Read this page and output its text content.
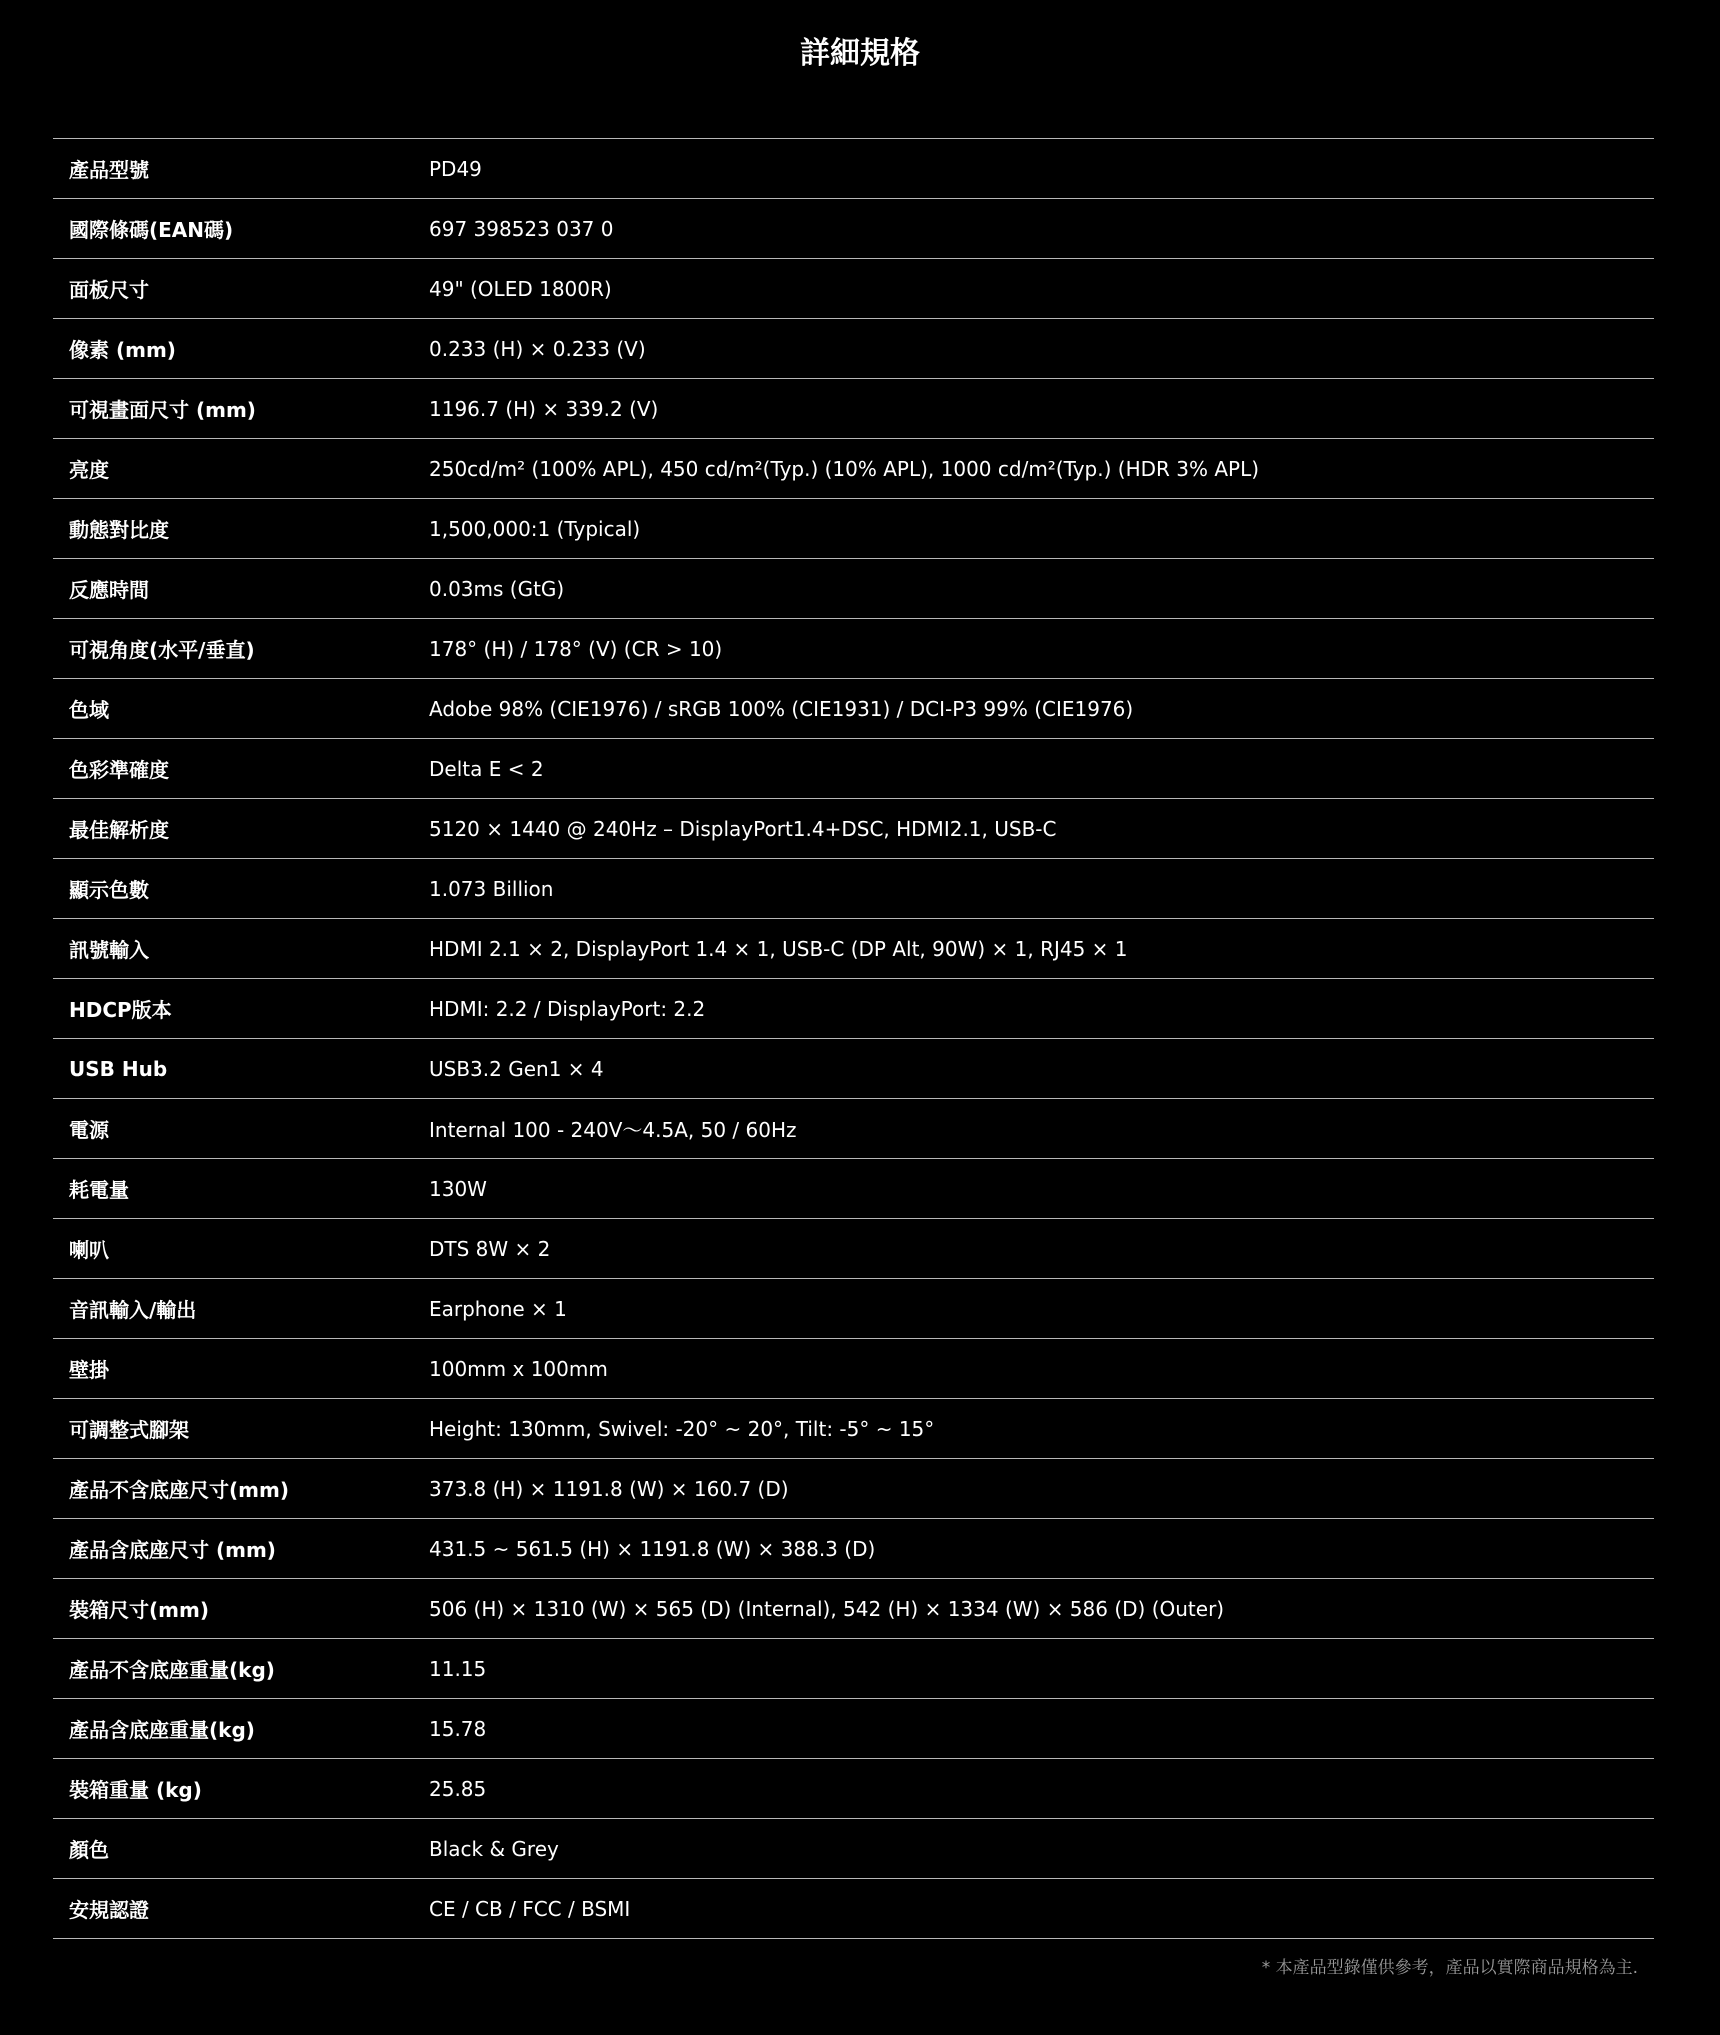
詳細規格
產品型號	PD49
國際條碼(EAN碼)	697 398523 037 0
面板尺寸	49" (OLED 1800R)
像素 (mm)	0.233 (H) × 0.233 (V)
可視畫面尺寸 (mm)	1196.7 (H) × 339.2 (V)
亮度	250cd/m² (100% APL), 450 cd/m²(Typ.) (10% APL), 1000 cd/m²(Typ.) (HDR 3% APL)
動態對比度	1,500,000:1 (Typical)
反應時間	0.03ms (GtG)
可視角度(水平/垂直)	178° (H) / 178° (V) (CR > 10)
色域	Adobe 98% (CIE1976) / sRGB 100% (CIE1931) / DCI-P3 99% (CIE1976)
色彩準確度	Delta E < 2
最佳解析度	5120 × 1440 @ 240Hz – DisplayPort1.4+DSC, HDMI2.1, USB-C
顯示色數	1.073 Billion
訊號輸入	HDMI 2.1 × 2, DisplayPort 1.4 × 1, USB-C (DP Alt, 90W) × 1, RJ45 × 1
HDCP版本	HDMI: 2.2 / DisplayPort: 2.2
USB Hub	USB3.2 Gen1 × 4
電源	Internal 100 - 240V〜4.5A, 50 / 60Hz
耗電量	130W
喇叭	DTS 8W × 2
音訊輸入/輸出	Earphone × 1
壁掛	100mm x 100mm
可調整式腳架	Height: 130mm, Swivel: -20° ~ 20°, Tilt: -5° ~ 15°
產品不含底座尺寸(mm)	373.8 (H) × 1191.8 (W) × 160.7 (D)
產品含底座尺寸 (mm)	431.5 ~ 561.5 (H) × 1191.8 (W) × 388.3 (D)
裝箱尺寸(mm)	506 (H) × 1310 (W) × 565 (D) (Internal), 542 (H) × 1334 (W) × 586 (D) (Outer)
產品不含底座重量(kg)	11.15
產品含底座重量(kg)	15.78
裝箱重量 (kg)	25.85
顏色	Black & Grey
安規認證	CE / CB / FCC / BSMI
* 本產品型錄僅供參考，產品以實際商品規格為主.
